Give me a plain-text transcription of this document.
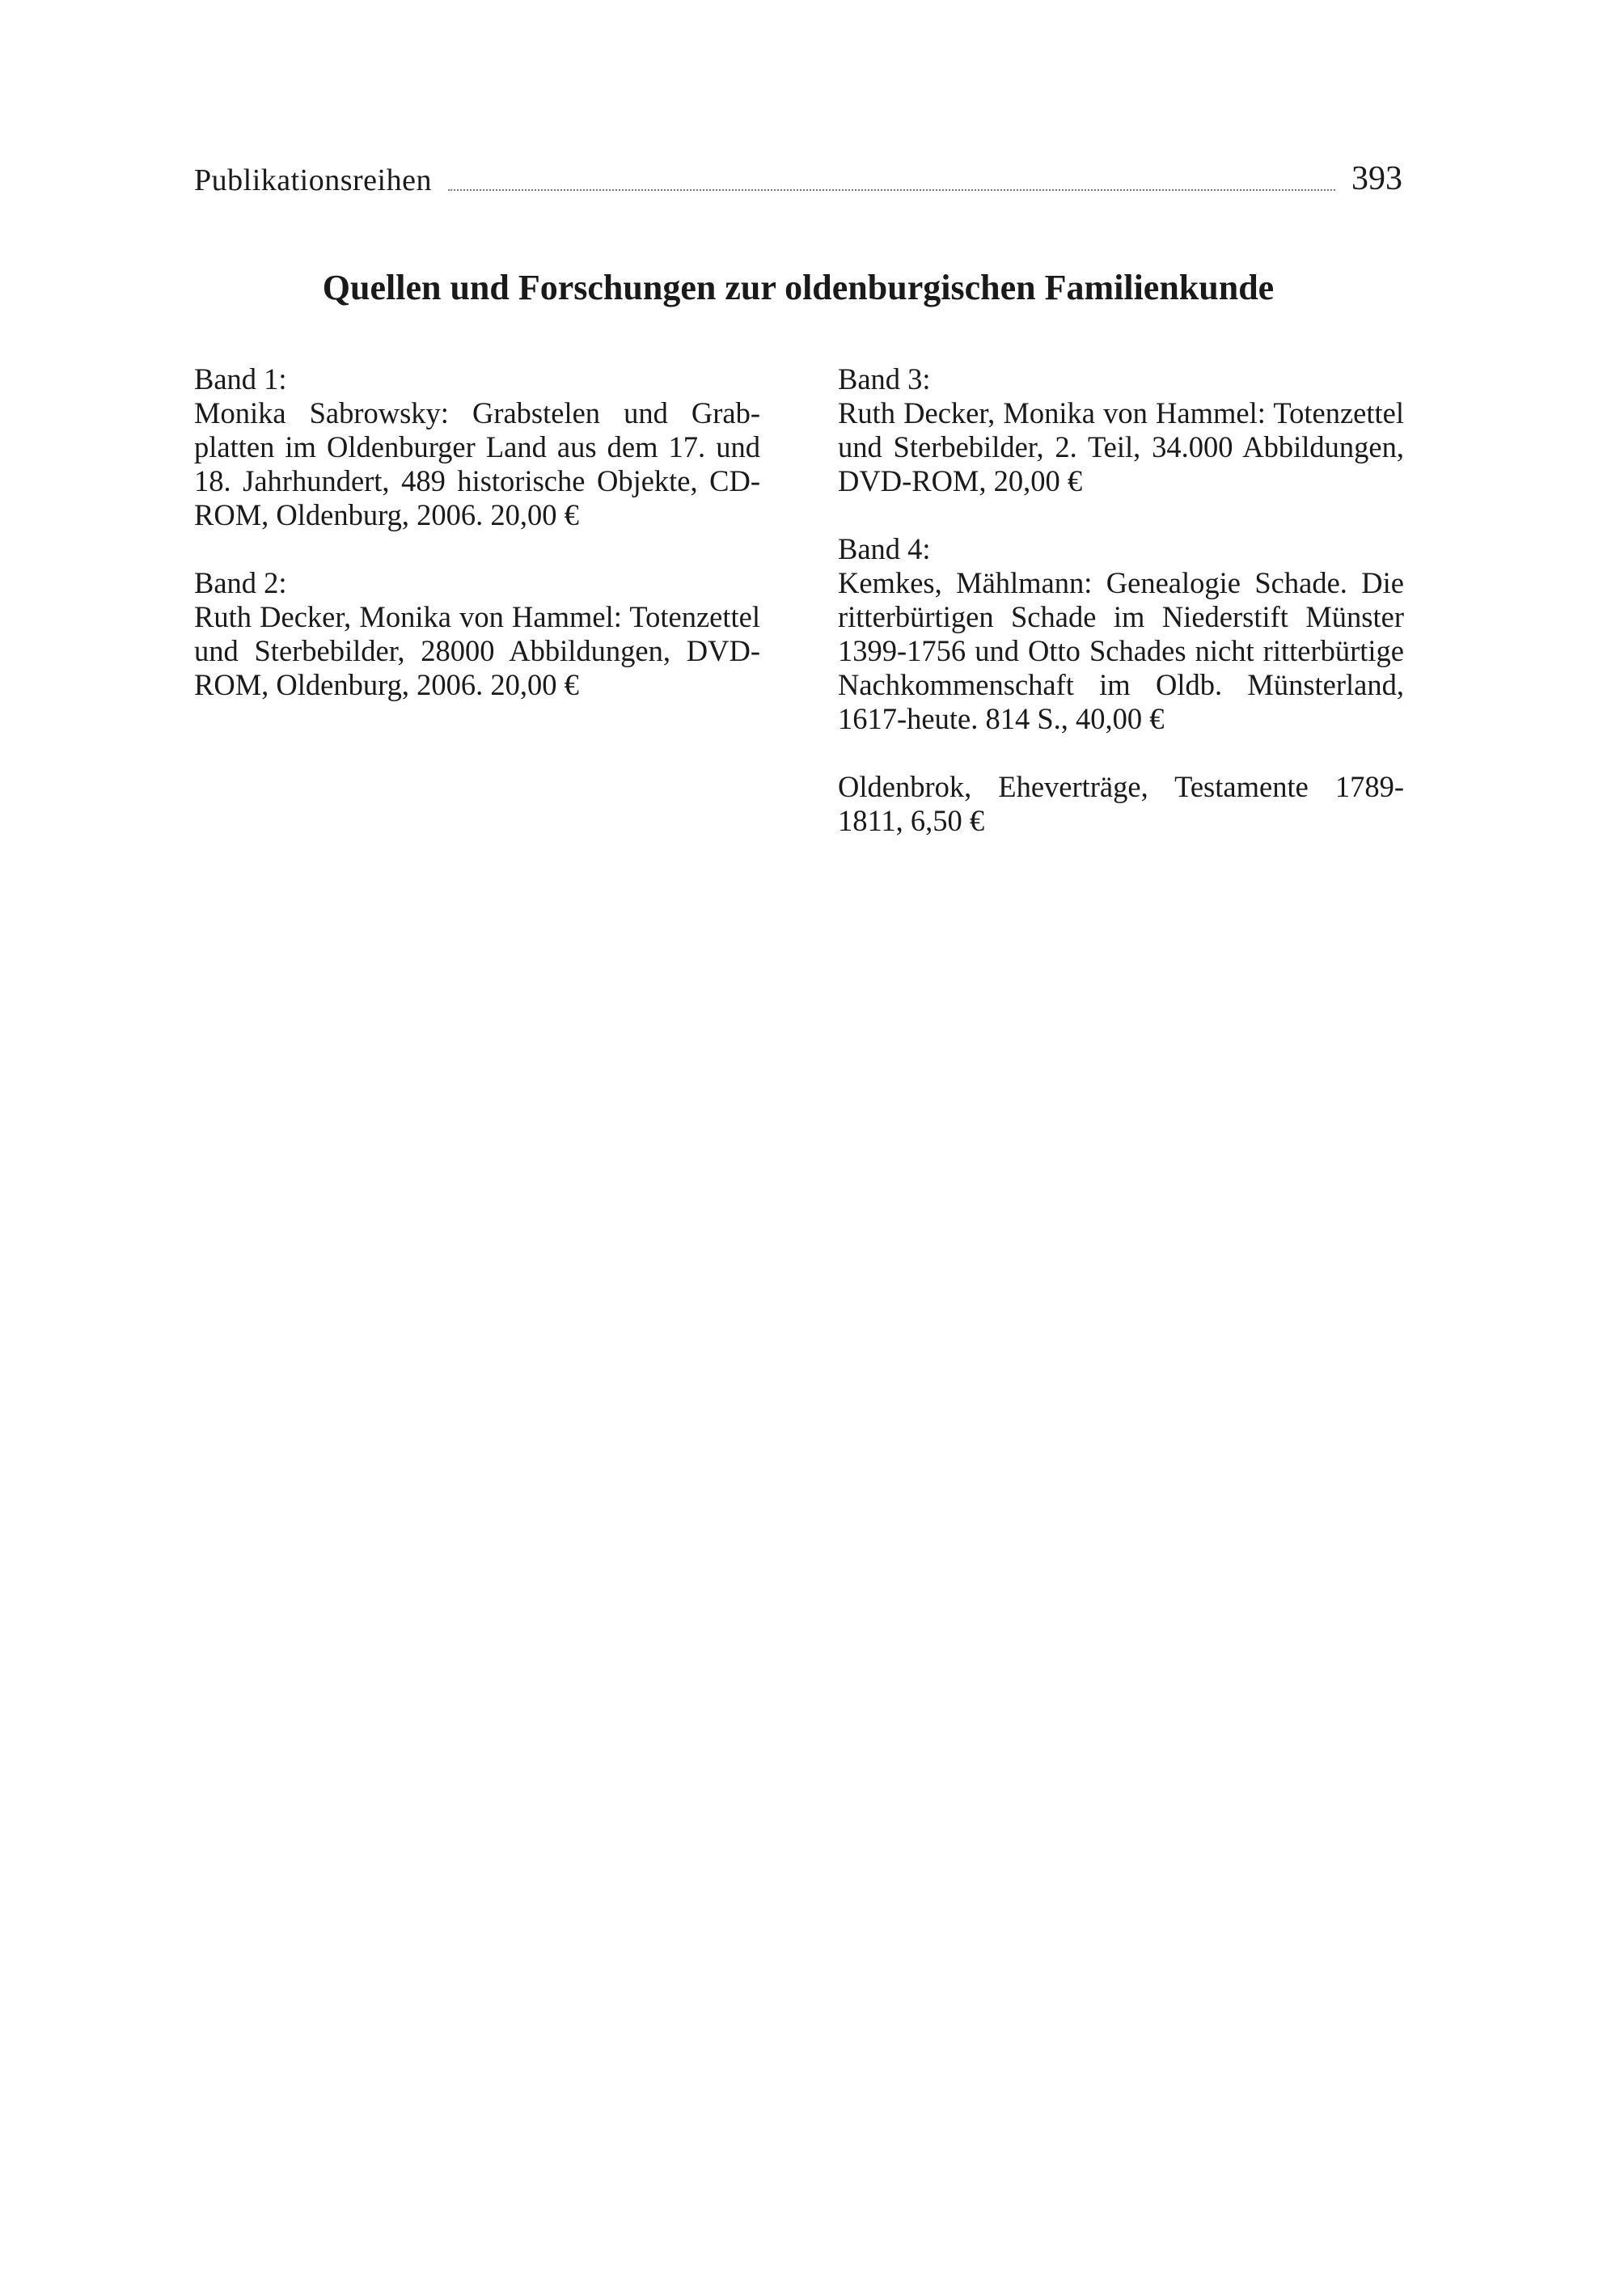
Publikationsreihen	393
Quellen und Forschungen zur oldenburgischen Familienkunde

Band 1:

Monika Sabrowsky: Grabstelen und Grabplatten im Oldenburger Land aus dem 17. und 18. Jahrhundert, 489 historische Objekte, CD-ROM, Oldenburg, 2006. 20,00 €

Band 2:

Ruth Decker, Monika von Hammel: Totenzettel und Sterbebilder, 28000 Abbildungen, DVD-ROM, Oldenburg, 2006. 20,00 €

Band 3:

Ruth Decker, Monika von Hammel: Totenzettel und Sterbebilder, 2. Teil, 34.000 Abbildungen, DVD-ROM, 20,00 €

Band 4:

Kemkes, Mählmann: Genealogie Schade. Die ritterbürtigen Schade im Niederstift Münster 1399-1756 und Otto Schades nicht ritterbürtige Nachkommenschaft im Oldb. Münsterland, 1617-heute. 814 S., 40,00 €

Oldenbrok, Eheverträge, Testamente 1789-1811, 6,50 €
